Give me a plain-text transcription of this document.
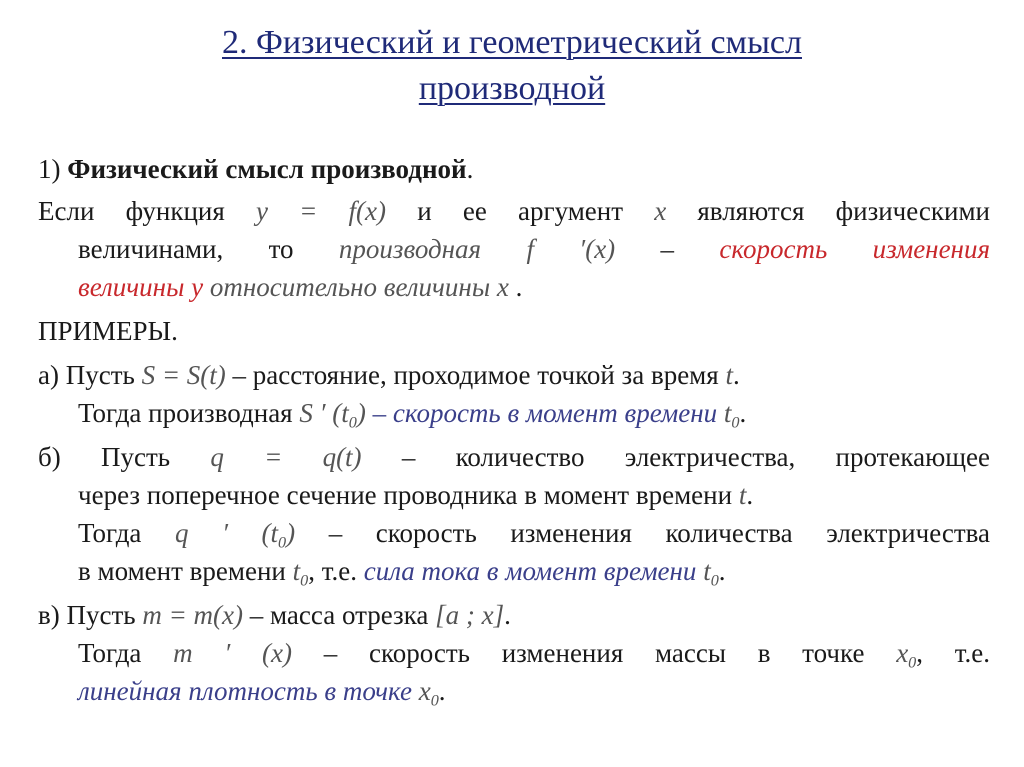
2. Физический и геометрический смысл
производной
1) Физический смысл производной.
Если функция y = f(x) и ее аргумент x являются физическими
величинами, то производная f ′(x) – скорость изменения
величины y относительно величины x .
ПРИМЕРЫ.
а) Пусть S = S(t) – расстояние, проходимое точкой за время t.
Тогда производная S ′ $(t_0)$ – скорость в момент времени $t_0$.
б) Пусть q = q(t) – количество электричества, протекающее
через поперечное сечение проводника в момент времени t.
Тогда q ′ $(t_0)$ – скорость изменения количества электричества
в момент времени $t_0$, т.е. сила тока в момент времени $t_0$.
в) Пусть m = m(x) – масса отрезка [a ; x].
Тогда m ′ (x) – скорость изменения массы в точке $x_0$, т.е.
линейная плотность в точке $x_0$.
